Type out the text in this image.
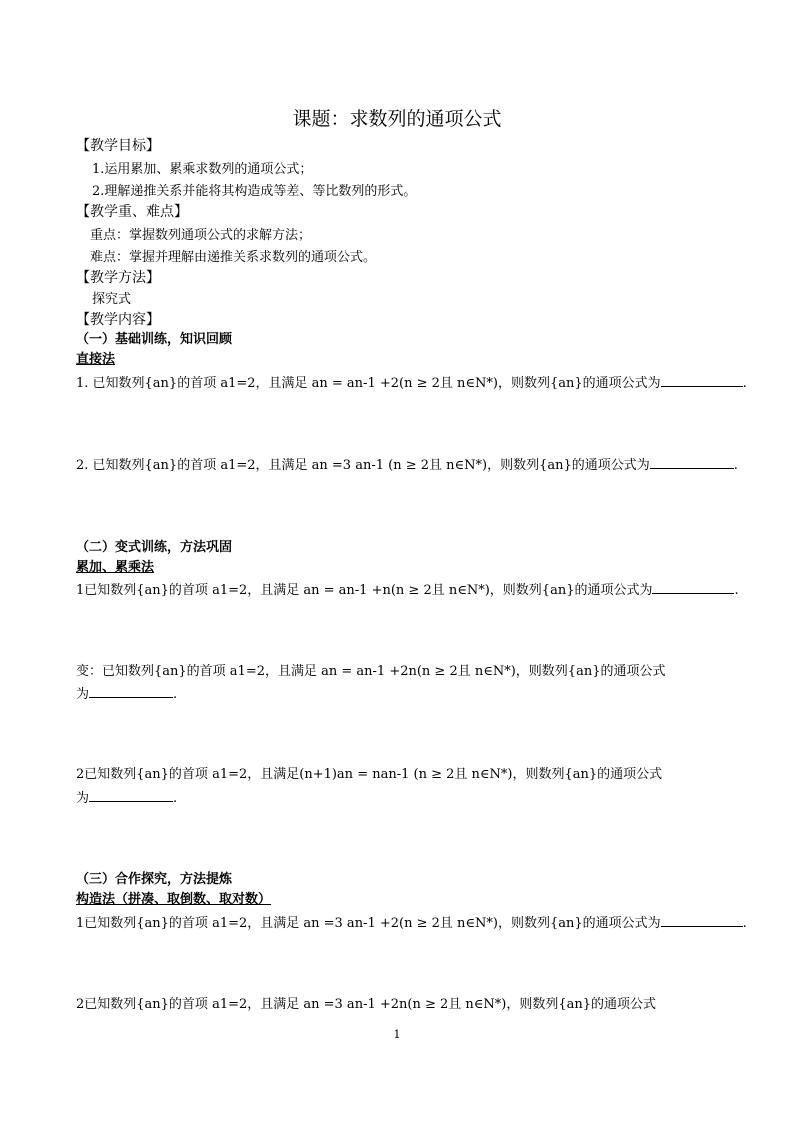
课题：求数列的通项公式
【教学目标】
1.运用累加、累乘求数列的通项公式；
2.理解递推关系并能将其构造成等差、等比数列的形式。
【教学重、难点】
重点：掌握数列通项公式的求解方法；
难点：掌握并理解由递推关系求数列的通项公式。
【教学方法】
探究式
【教学内容】
（一）基础训练，知识回顾
直接法
1. 已知数列{an}的首项 a1=2，且满足 an = an-1 +2(n ≥ 2且 n∈N*)，则数列{an}的通项公式为	.
2. 已知数列{an}的首项 a1=2，且满足 an =3 an-1 (n ≥ 2且 n∈N*)，则数列{an}的通项公式为	.
（二）变式训练，方法巩固
累加、累乘法
1已知数列{an}的首项 a1=2，且满足 an = an-1 +n(n ≥ 2且 n∈N*)，则数列{an}的通项公式为	.
变：已知数列{an}的首项 a1=2，且满足 an = an-1 +2n(n ≥ 2且 n∈N*)，则数列{an}的通项公式
为	.
2已知数列{an}的首项 a1=2，且满足(n+1)an = nan-1 (n ≥ 2且 n∈N*)，则数列{an}的通项公式
为	.
（三）合作探究，方法提炼
构造法（拼凑、取倒数、取对数）
1已知数列{an}的首项 a1=2，且满足 an =3 an-1 +2(n ≥ 2且 n∈N*)，则数列{an}的通项公式为	.
2已知数列{an}的首项 a1=2，且满足 an =3 an-1 +2n(n ≥ 2且 n∈N*)，则数列{an}的通项公式
1
